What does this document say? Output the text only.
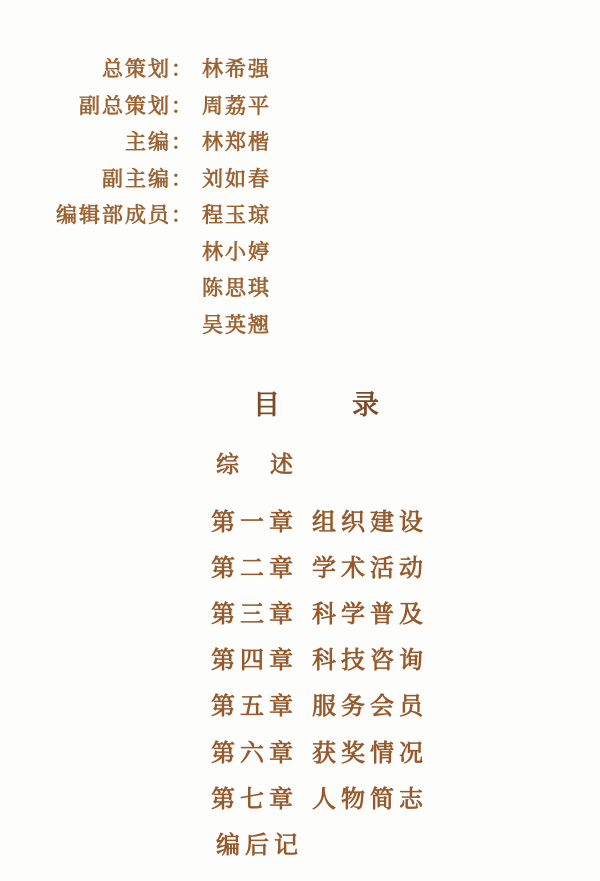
总策划： 林希强
副总策划： 周荔平
主编： 林郑楷
副主编： 刘如春
编辑部成员： 程玉琼
林小婷
陈思琪
吴英翘
目　　录
综　述
第一章 组织建设
第二章 学术活动
第三章 科学普及
第四章 科技咨询
第五章 服务会员
第六章 获奖情况
第七章 人物简志
编后记
